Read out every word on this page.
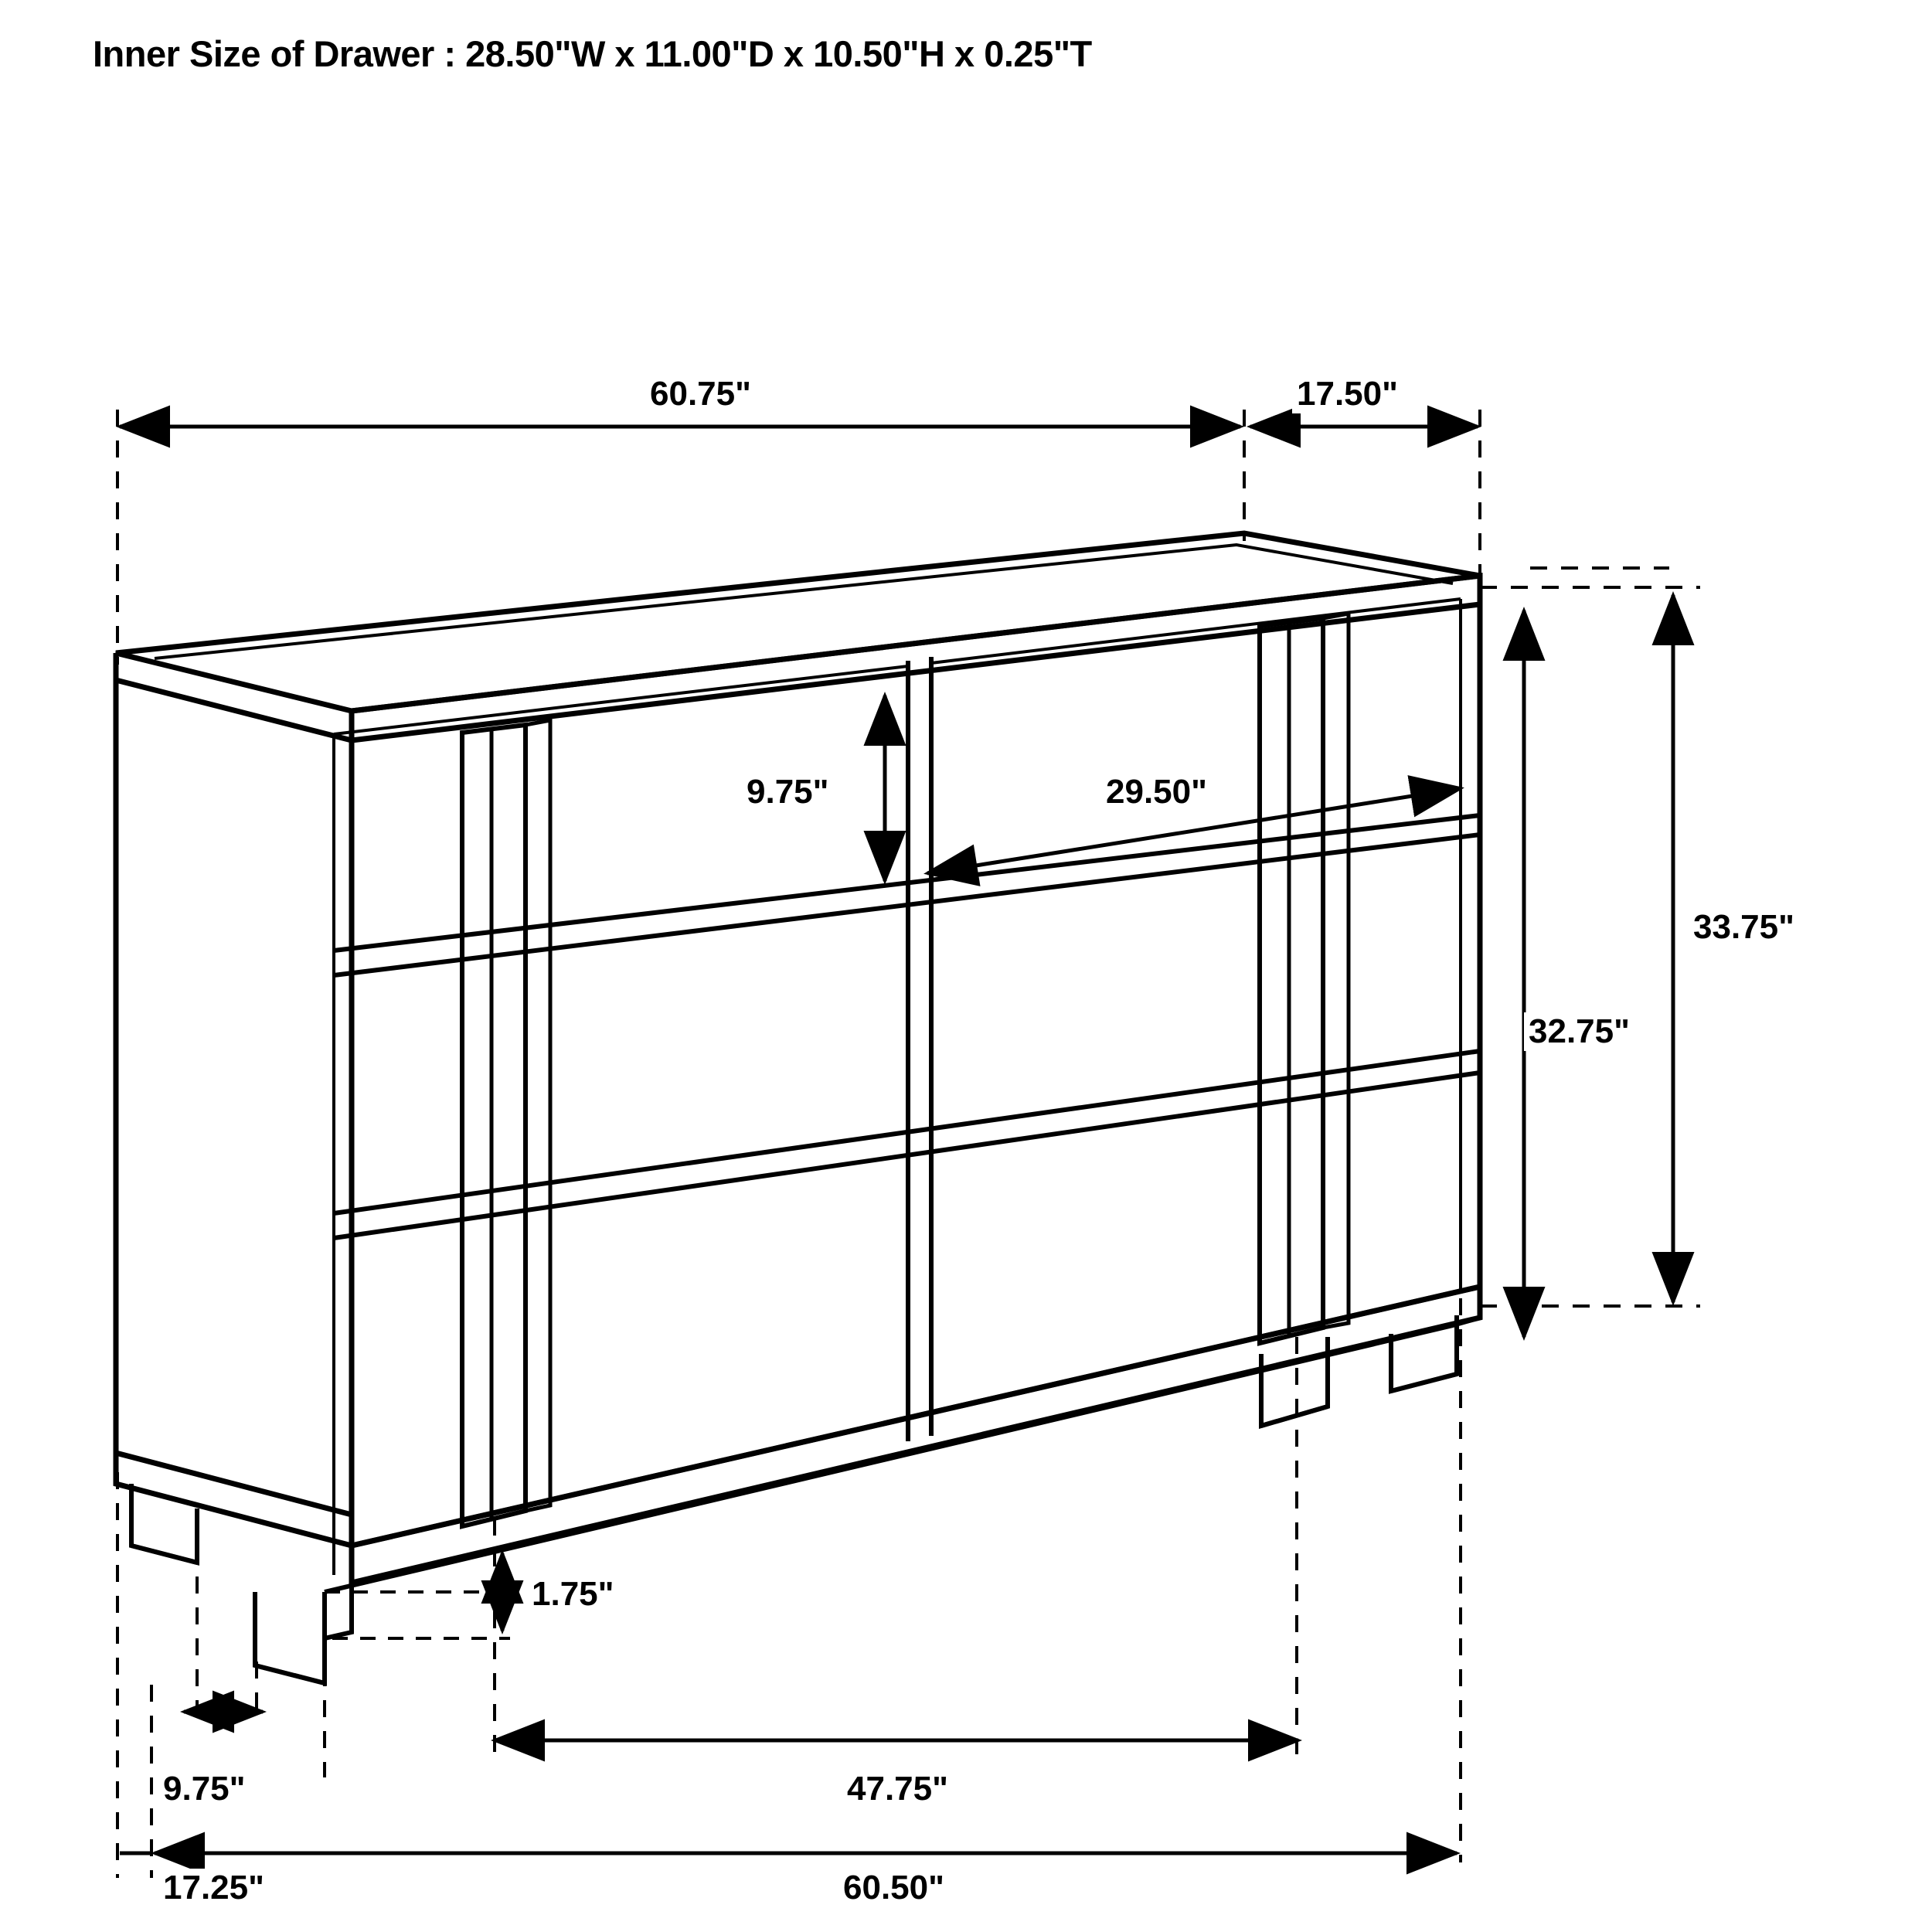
Inner Size of Drawer : 28.50"W x 11.00"D x 10.50"H x 0.25"T
60.75"	17.50"
9.75"	29.50"
33.75"
32.75"
1.75"
9.75"	47.75"
60.50"
17.25"
